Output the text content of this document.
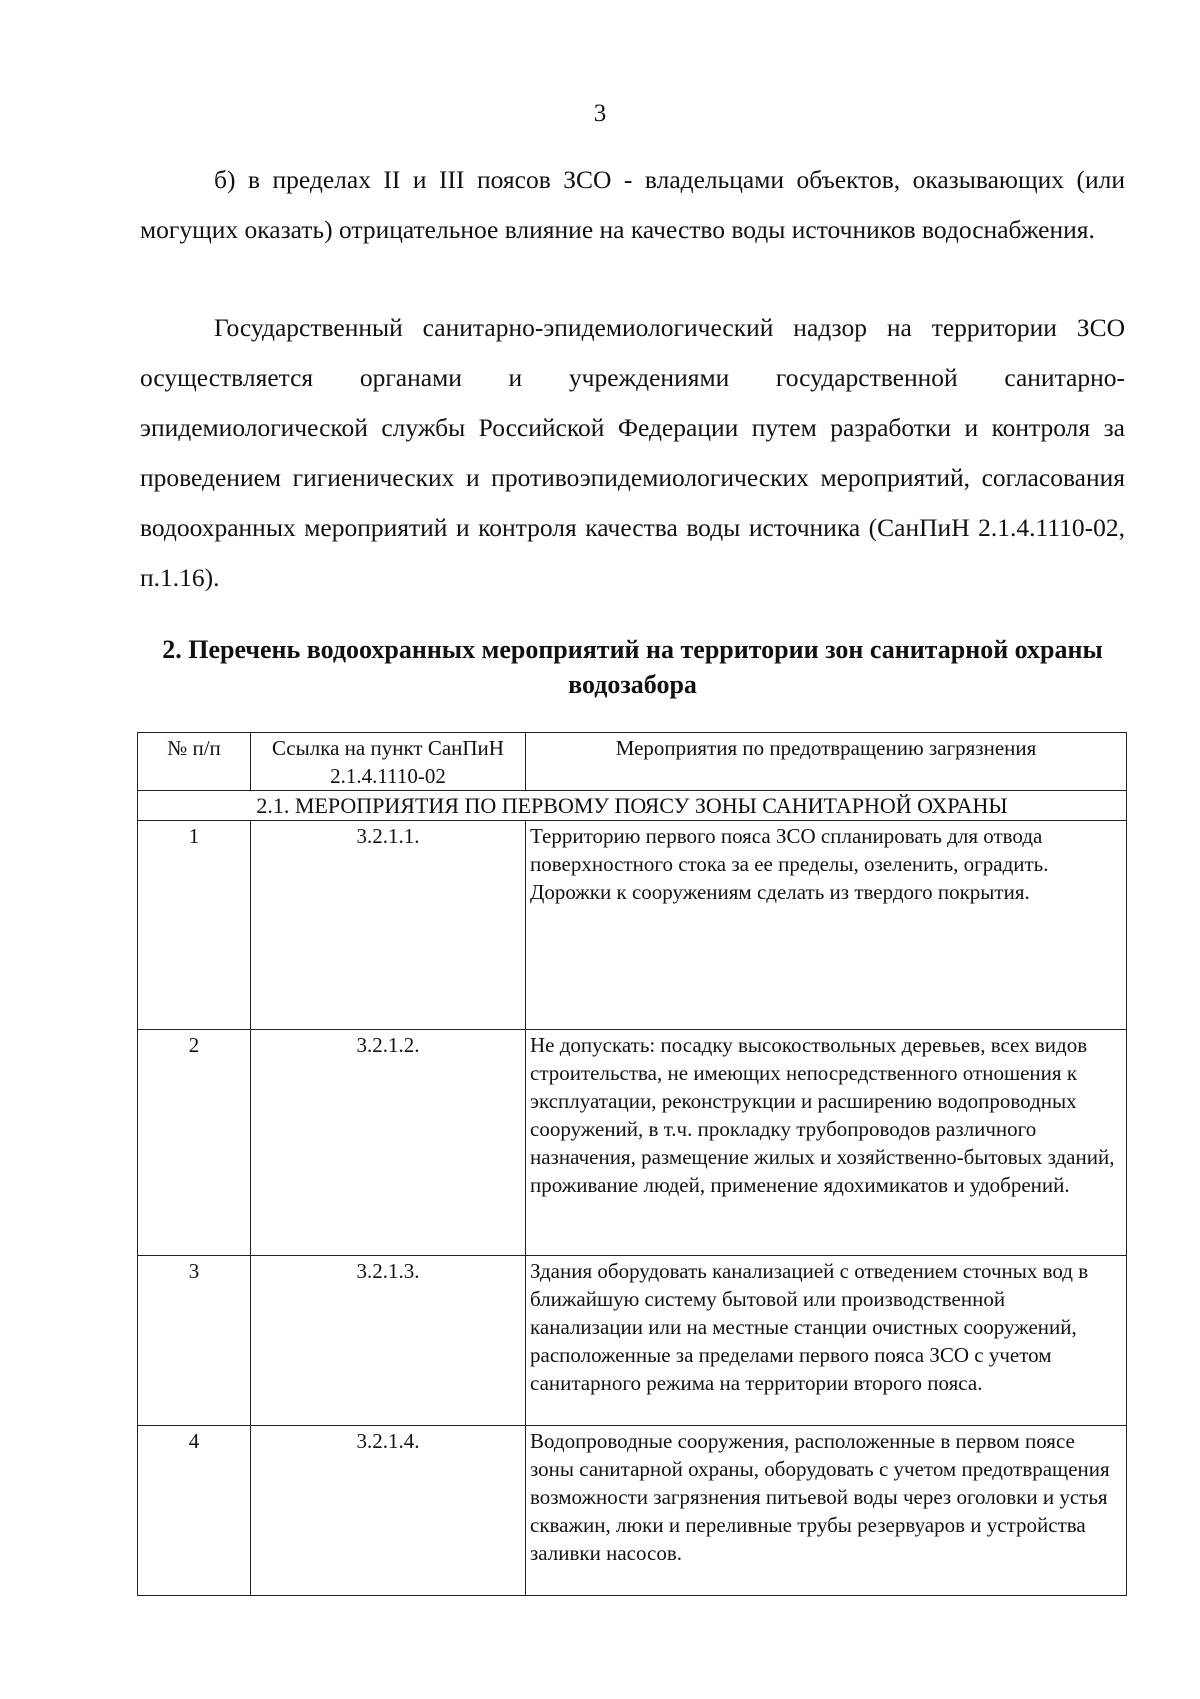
3

б) в пределах II и III поясов ЗСО - владельцами объектов, оказывающих (или могущих оказать) отрицательное влияние на качество воды источников водоснабжения.

Государственный санитарно-эпидемиологический надзор на территории ЗСО осуществляется органами и учреждениями государственной санитарно-эпидемиологической службы Российской Федерации путем разработки и контроля за проведением гигиенических и противоэпидемиологических мероприятий, согласования водоохранных мероприятий и контроля качества воды источника (СанПиН 2.1.4.1110-02, п.1.16).

2. Перечень водоохранных мероприятий на территории зон санитарной охраны водозабора
№ п/п	Ссылка на пункт СанПиН 2.1.4.1110-02	Мероприятия по предотвращению загрязнения
2.1. МЕРОПРИЯТИЯ ПО ПЕРВОМУ ПОЯСУ ЗОНЫ САНИТАРНОЙ ОХРАНЫ		
1	3.2.1.1.	Территорию первого пояса ЗСО спланировать для отвода поверхностного стока за ее пределы, озеленить, оградить. Дорожки к сооружениям сделать из твердого покрытия.
2	3.2.1.2.	Не допускать: посадку высокоствольных деревьев, всех видов строительства, не имеющих непосредственного отношения к эксплуатации, реконструкции и расширению водопроводных сооружений, в т.ч. прокладку трубопроводов различного назначения, размещение жилых и хозяйственно-бытовых зданий, проживание людей, применение ядохимикатов и удобрений.
3	3.2.1.3.	Здания оборудовать канализацией с отведением сточных вод в ближайшую систему бытовой или производственной канализации или на местные станции очистных сооружений, расположенные за пределами первого пояса ЗСО с учетом санитарного режима на территории второго пояса.
4	3.2.1.4.	Водопроводные сооружения, расположенные в первом поясе зоны санитарной охраны, оборудовать с учетом предотвращения возможности загрязнения питьевой воды через оголовки и устья скважин, люки и переливные трубы резервуаров и устройства заливки насосов.
